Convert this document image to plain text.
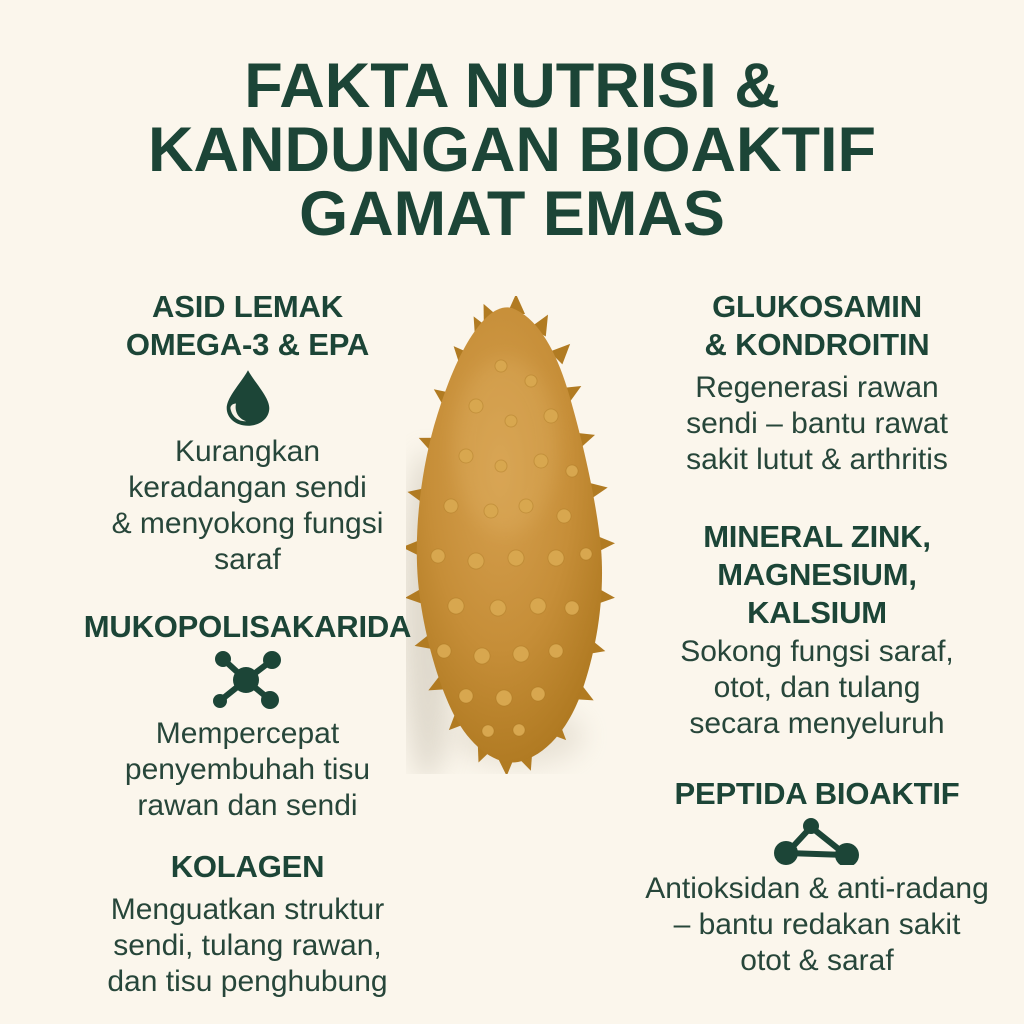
FAKTA NUTRISI &
KANDUNGAN BIOAKTIF
GAMAT EMAS
ASID LEMAK
OMEGA-3 & EPA
Kurangkan
keradangan sendi
& menyokong fungsi
saraf
MUKOPOLISAKARIDA
Mempercepat
penyembuhah tisu
rawan dan sendi
KOLAGEN
Menguatkan struktur
sendi, tulang rawan,
dan tisu penghubung
GLUKOSAMIN
& KONDROITIN
Regenerasi rawan
sendi – bantu rawat
sakit lutut & arthritis
MINERAL ZINK,
MAGNESIUM,
KALSIUM
Sokong fungsi saraf,
otot, dan tulang
secara menyeluruh
PEPTIDA BIOAKTIF
Antioksidan & anti-radang
– bantu redakan sakit
otot & saraf
